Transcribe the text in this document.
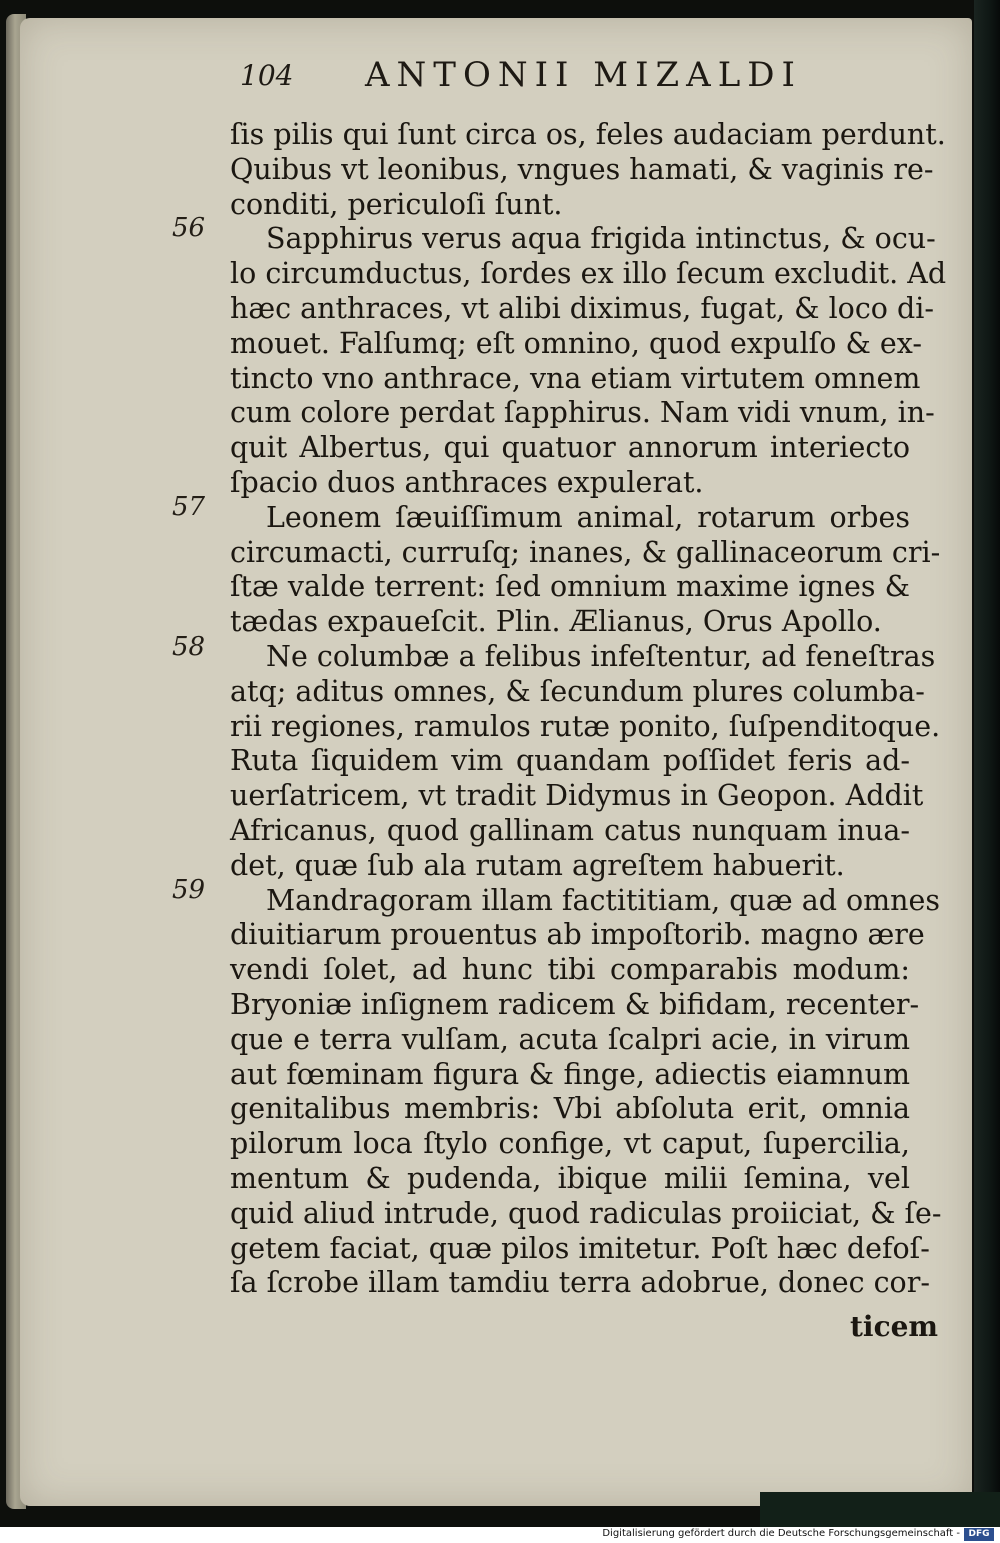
104 ANTONII MIZALDI
56
57
58
59
ſis pilis qui ſunt circa os, feles audaciam perdunt.
Quibus vt leonibus, vngues hamati, & vaginis re-
conditi, periculoſi ſunt.
Sapphirus verus aqua frigida intinctus, & ocu-
lo circumductus, ſordes ex illo ſecum excludit. Ad
hæc anthraces, vt alibi diximus, fugat, & loco di-
mouet. Falſumq; eſt omnino, quod expulſo & ex-
tincto vno anthrace, vna etiam virtutem omnem
cum colore perdat ſapphirus. Nam vidi vnum, in-
quit Albertus, qui quatuor annorum interiecto
ſpacio duos anthraces expulerat.
Leonem ſæuiſſimum animal, rotarum orbes
circumacti, curruſq; inanes, & gallinaceorum cri-
ſtæ valde terrent: ſed omnium maxime ignes &
tædas expaueſcit. Plin. Ælianus, Orus Apollo.
Ne columbæ a felibus infeſtentur, ad feneſtras
atq; aditus omnes, & ſecundum plures columba-
rii regiones, ramulos rutæ ponito, ſuſpenditoque.
Ruta ſiquidem vim quandam poſſidet feris ad-
uerſatricem, vt tradit Didymus in Geopon. Addit
Africanus, quod gallinam catus nunquam inua-
det, quæ ſub ala rutam agreſtem habuerit.
Mandragoram illam factititiam, quæ ad omnes
diuitiarum prouentus ab impoſtorib. magno ære
vendi ſolet, ad hunc tibi comparabis modum:
Bryoniæ inſignem radicem & bifidam, recenter-
que e terra vulſam, acuta ſcalpri acie, in virum
aut fœminam figura & finge, adiectis eiamnum
genitalibus membris: Vbi abſoluta erit, omnia
pilorum loca ſtylo confige, vt caput, ſupercilia,
mentum & pudenda, ibique milii ſemina, vel
quid aliud intrude, quod radiculas proiiciat, & ſe-
getem faciat, quæ pilos imitetur. Poſt hæc defoſ-
ſa ſcrobe illam tamdiu terra adobrue, donec cor-
ticem
Digitalisierung gefördert durch die Deutsche Forschungsgemeinschaft - DFG
